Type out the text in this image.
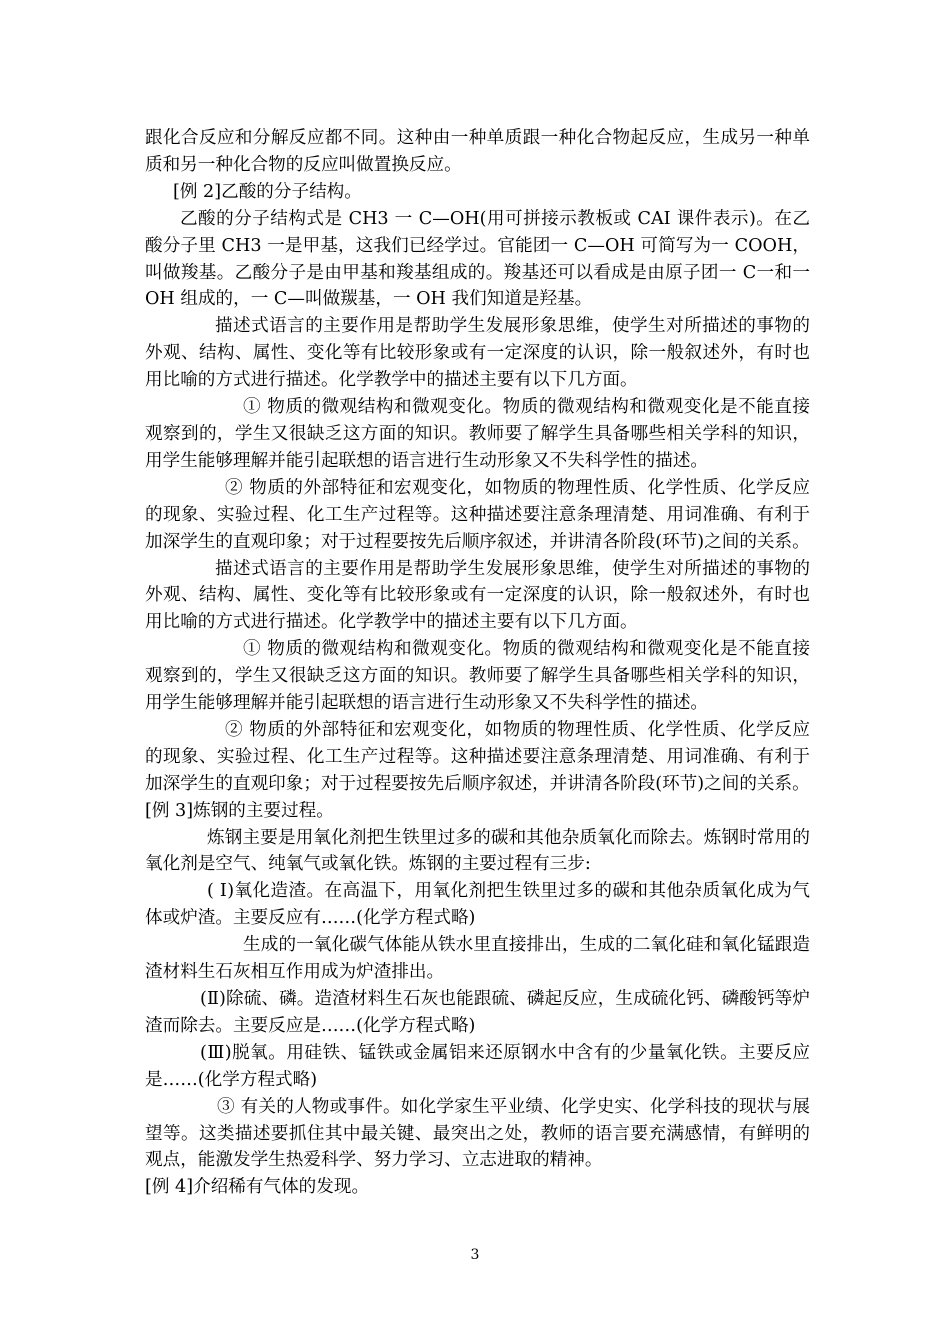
跟化合反应和分解反应都不同。这种由一种单质跟一种化合物起反应，生成另一种单质和另一种化合物的反应叫做置换反应。

[例 2]乙酸的分子结构。

乙酸的分子结构式是 CH3 一 C—OH(用可拼接示教板或 CAI 课件表示)。在乙酸分子里 CH3 一是甲基，这我们已经学过。官能团一 C—OH 可简写为一 COOH，叫做羧基。乙酸分子是由甲基和羧基组成的。羧基还可以看成是由原子团一 C一和一 OH 组成的，一 C—叫做羰基，一 OH 我们知道是羟基。

描述式语言的主要作用是帮助学生发展形象思维，使学生对所描述的事物的外观、结构、属性、变化等有比较形象或有一定深度的认识，除一般叙述外，有时也用比喻的方式进行描述。化学教学中的描述主要有以下几方面。

① 物质的微观结构和微观变化。物质的微观结构和微观变化是不能直接观察到的，学生又很缺乏这方面的知识。教师要了解学生具备哪些相关学科的知识，用学生能够理解并能引起联想的语言进行生动形象又不失科学性的描述。

② 物质的外部特征和宏观变化，如物质的物理性质、化学性质、化学反应的现象、实验过程、化工生产过程等。这种描述要注意条理清楚、用词准确、有利于加深学生的直观印象；对于过程要按先后顺序叙述，并讲清各阶段(环节)之间的关系。

描述式语言的主要作用是帮助学生发展形象思维，使学生对所描述的事物的外观、结构、属性、变化等有比较形象或有一定深度的认识，除一般叙述外，有时也用比喻的方式进行描述。化学教学中的描述主要有以下几方面。

① 物质的微观结构和微观变化。物质的微观结构和微观变化是不能直接观察到的，学生又很缺乏这方面的知识。教师要了解学生具备哪些相关学科的知识，用学生能够理解并能引起联想的语言进行生动形象又不失科学性的描述。

② 物质的外部特征和宏观变化，如物质的物理性质、化学性质、化学反应的现象、实验过程、化工生产过程等。这种描述要注意条理清楚、用词准确、有利于加深学生的直观印象；对于过程要按先后顺序叙述，并讲清各阶段(环节)之间的关系。

[例 3]炼钢的主要过程。

炼钢主要是用氧化剂把生铁里过多的碳和其他杂质氧化而除去。炼钢时常用的氧化剂是空气、纯氧气或氧化铁。炼钢的主要过程有三步:

( Ⅰ)氧化造渣。在高温下，用氧化剂把生铁里过多的碳和其他杂质氧化成为气体或炉渣。主要反应有……(化学方程式略)

生成的一氧化碳气体能从铁水里直接排出，生成的二氧化硅和氧化锰跟造渣材料生石灰相互作用成为炉渣排出。

(Ⅱ)除硫、磷。造渣材料生石灰也能跟硫、磷起反应，生成硫化钙、磷酸钙等炉渣而除去。主要反应是……(化学方程式略)

(Ⅲ)脱氧。用硅铁、锰铁或金属铝来还原钢水中含有的少量氧化铁。主要反应是……(化学方程式略)

③ 有关的人物或事件。如化学家生平业绩、化学史实、化学科技的现状与展望等。这类描述要抓住其中最关键、最突出之处，教师的语言要充满感情，有鲜明的观点，能激发学生热爱科学、努力学习、立志进取的精神。

[例 4]介绍稀有气体的发现。

3
